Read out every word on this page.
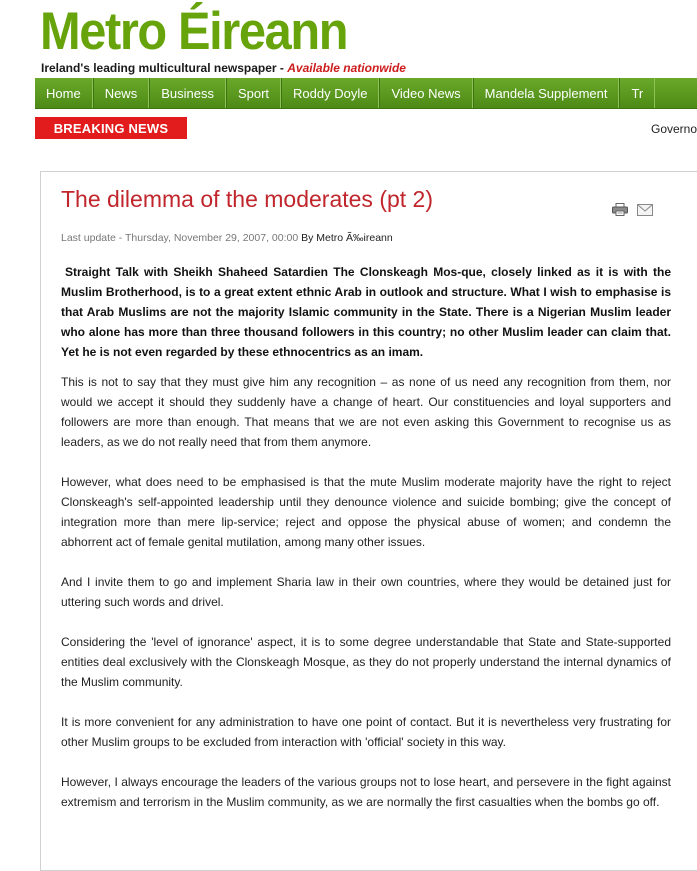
Metro Éireann
Ireland's leading multicultural newspaper - Available nationwide
Home News Business Sport Roddy Doyle Video News Mandela Supplement Tr
BREAKING NEWS	Governo
The dilemma of the moderates (pt 2)
Last update - Thursday, November 29, 2007, 00:00 By Metro Ã‰ireann

Straight Talk with Sheikh Shaheed Satardien The Clonskeagh Mos-que, closely linked as it is with the Muslim Brotherhood, is to a great extent ethnic Arab in outlook and structure. What I wish to emphasise is that Arab Muslims are not the majority Islamic community in the State. There is a Nigerian Muslim leader who alone has more than three thousand followers in this country; no other Muslim leader can claim that. Yet he is not even regarded by these ethnocentrics as an imam.

This is not to say that they must give him any recognition – as none of us need any recognition from them, nor would we accept it should they suddenly have a change of heart. Our constituencies and loyal supporters and followers are more than enough. That means that we are not even asking this Government to recognise us as leaders, as we do not really need that from them anymore.

However, what does need to be emphasised is that the mute Muslim moderate majority have the right to reject Clonskeagh's self-appointed leadership until they denounce violence and suicide bombing; give the concept of integration more than mere lip-service; reject and oppose the physical abuse of women; and condemn the abhorrent act of female genital mutilation, among many other issues.

And I invite them to go and implement Sharia law in their own countries, where they would be detained just for uttering such words and drivel.

Considering the 'level of ignorance' aspect, it is to some degree understandable that State and State-supported entities deal exclusively with the Clonskeagh Mosque, as they do not properly understand the internal dynamics of the Muslim community.

It is more convenient for any administration to have one point of contact. But it is nevertheless very frustrating for other Muslim groups to be excluded from interaction with 'official' society in this way.

However, I always encourage the leaders of the various groups not to lose heart, and persevere in the fight against extremism and terrorism in the Muslim community, as we are normally the first casualties when the bombs go off.
